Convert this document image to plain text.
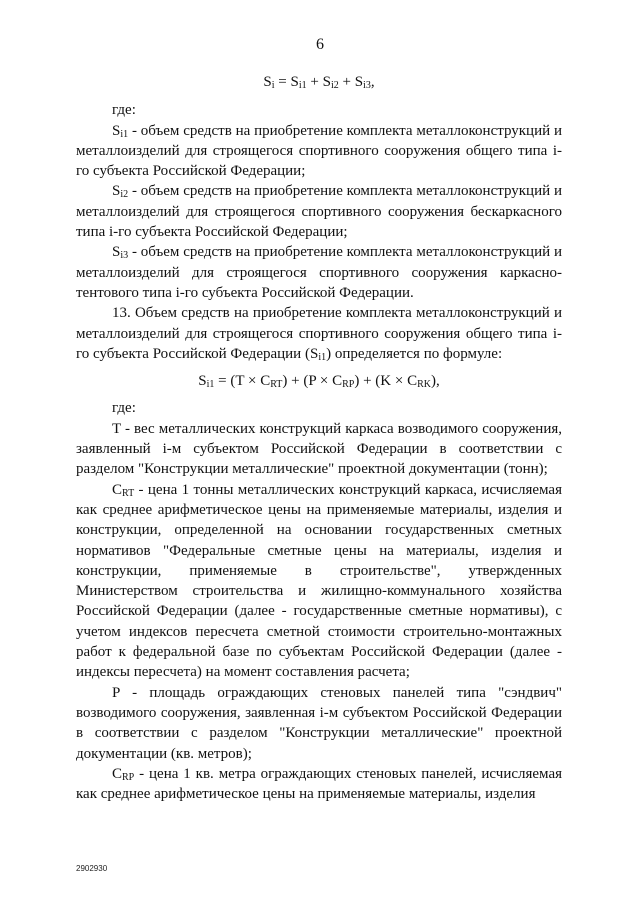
6
$S_i = S_{i1} + S_{i2} + S_{i3}$,

где:

$S_{i1}$ - объем средств на приобретение комплекта металлоконструкций и металлоизделий для строящегося спортивного сооружения общего типа i-го субъекта Российской Федерации;

$S_{i2}$ - объем средств на приобретение комплекта металлоконструкций и металлоизделий для строящегося спортивного сооружения бескаркасного типа i-го субъекта Российской Федерации;

$S_{i3}$ - объем средств на приобретение комплекта металлоконструкций и металлоизделий для строящегося спортивного сооружения каркасно-тентового типа i-го субъекта Российской Федерации.

13. Объем средств на приобретение комплекта металлоконструкций и металлоизделий для строящегося спортивного сооружения общего типа i-го субъекта Российской Федерации $(S_{i1})$ определяется по формуле:

$S_{i1} = (T \times C_{RT}) + (P \times C_{RP}) + (K \times C_{RK})$,

где:

T - вес металлических конструкций каркаса возводимого сооружения, заявленный i-м субъектом Российской Федерации в соответствии с разделом "Конструкции металлические" проектной документации (тонн);

$C_{RT}$ - цена 1 тонны металлических конструкций каркаса, исчисляемая как среднее арифметическое цены на применяемые материалы, изделия и конструкции, определенной на основании государственных сметных нормативов "Федеральные сметные цены на материалы, изделия и конструкции, применяемые в строительстве", утвержденных Министерством строительства и жилищно-коммунального хозяйства Российской Федерации (далее - государственные сметные нормативы), с учетом индексов пересчета сметной стоимости строительно-монтажных работ к федеральной базе по субъектам Российской Федерации (далее - индексы пересчета) на момент составления расчета;

P - площадь ограждающих стеновых панелей типа "сэндвич" возводимого сооружения, заявленная i-м субъектом Российской Федерации в соответствии с разделом "Конструкции металлические" проектной документации (кв. метров);

$C_{RP}$ - цена 1 кв. метра ограждающих стеновых панелей, исчисляемая как среднее арифметическое цены на применяемые материалы, изделия

2902930
